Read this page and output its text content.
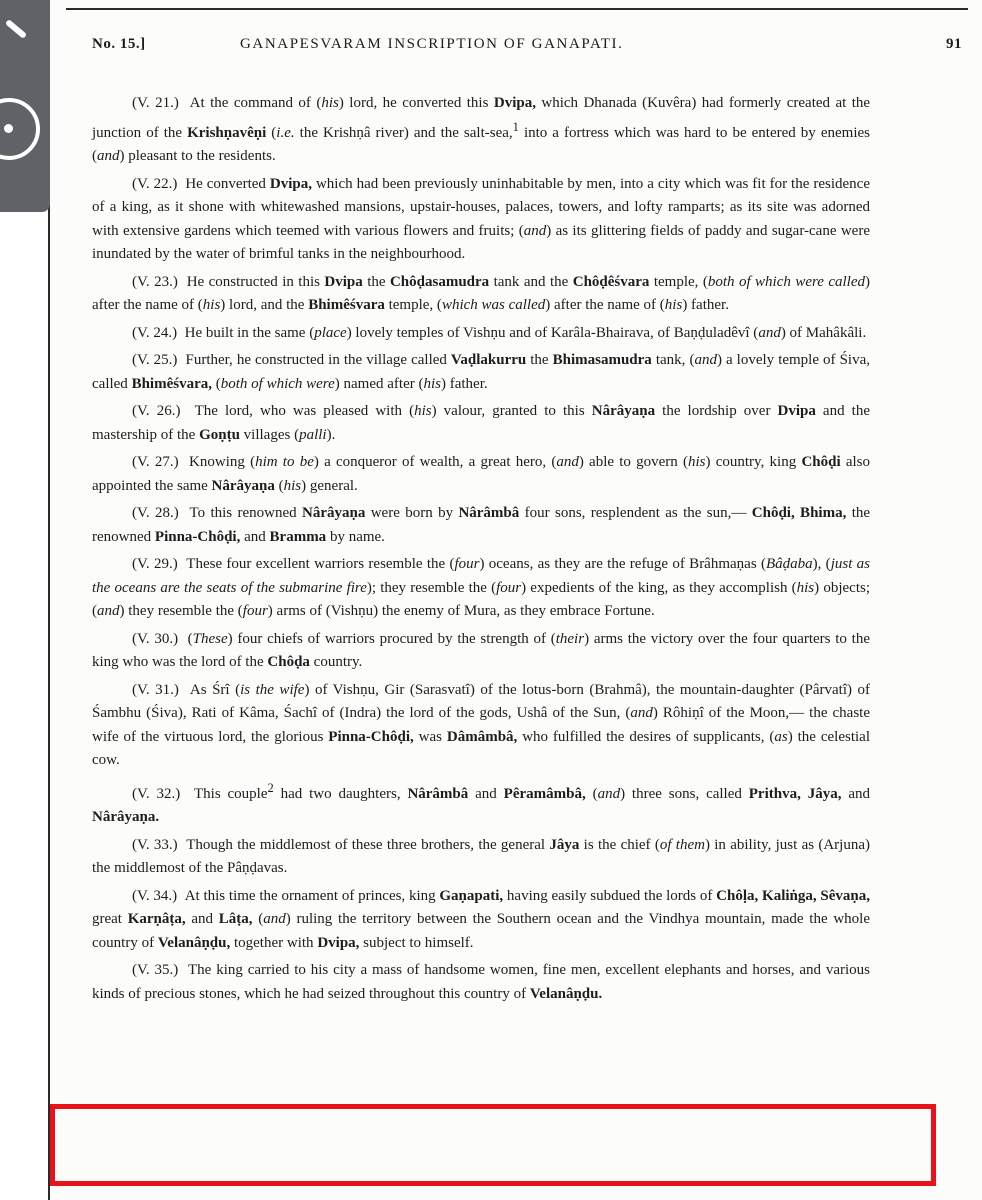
No. 15.]	GANAPESVARAM INSCRIPTION OF GANAPATI.	91

(V. 21.)  At the command of (his) lord, he converted this Dvipa, which Dhanada (Kuvêra) had formerly created at the junction of the Krishṇavêṇi (i.e. the Krishṇâ river) and the salt-sea,$^1$ into a fortress which was hard to be entered by enemies (and) pleasant to the residents.

(V. 22.)  He converted Dvipa, which had been previously uninhabitable by men, into a city which was fit for the residence of a king, as it shone with whitewashed mansions, upstair-houses, palaces, towers, and lofty ramparts; as its site was adorned with extensive gardens which teemed with various flowers and fruits; (and) as its glittering fields of paddy and sugar-cane were inundated by the water of brimful tanks in the neighbourhood.

(V. 23.)  He constructed in this Dvipa the Chôḍasamudra tank and the Chôḍêśvara temple, (both of which were called) after the name of (his) lord, and the Bhimêśvara temple, (which was called) after the name of (his) father.

(V. 24.)  He built in the same (place) lovely temples of Vishṇu and of Karâla-Bhairava, of Baṇḍuladêvî (and) of Mahâkâli.

(V. 25.)  Further, he constructed in the village called Vaḍlakurru the Bhimasamudra tank, (and) a lovely temple of Śiva, called Bhimêśvara, (both of which were) named after (his) father.

(V. 26.)  The lord, who was pleased with (his) valour, granted to this Nârâyaṇa the lordship over Dvipa and the mastership of the Goṇṭu villages (palli).

(V. 27.)  Knowing (him to be) a conqueror of wealth, a great hero, (and) able to govern (his) country, king Chôḍi also appointed the same Nârâyaṇa (his) general.

(V. 28.)  To this renowned Nârâyaṇa were born by Nârâmbâ four sons, resplendent as the sun,— Chôḍi, Bhima, the renowned Pinna-Chôḍi, and Bramma by name.

(V. 29.)  These four excellent warriors resemble the (four) oceans, as they are the refuge of Brâhmaṇas (Bâḍaba), (just as the oceans are the seats of the submarine fire); they resemble the (four) expedients of the king, as they accomplish (his) objects; (and) they resemble the (four) arms of (Vishṇu) the enemy of Mura, as they embrace Fortune.

(V. 30.)  (These) four chiefs of warriors procured by the strength of (their) arms the victory over the four quarters to the king who was the lord of the Chôḍa country.

(V. 31.)  As Śrî (is the wife) of Vishṇu, Gir (Sarasvatî) of the lotus-born (Brahmâ), the mountain-daughter (Pârvatî) of Śambhu (Śiva), Rati of Kâma, Śachî of (Indra) the lord of the gods, Ushâ of the Sun, (and) Rôhiṇî of the Moon,— the chaste wife of the virtuous lord, the glorious Pinna-Chôḍi, was Dâmâmbâ, who fulfilled the desires of supplicants, (as) the celestial cow.

(V. 32.)  This couple$^2$ had two daughters, Nârâmbâ and Pêramâmbâ, (and) three sons, called Prithva, Jâya, and Nârâyaṇa.

(V. 33.)  Though the middlemost of these three brothers, the general Jâya is the chief (of them) in ability, just as (Arjuna) the middlemost of the Pâṇḍavas.

(V. 34.)  At this time the ornament of princes, king Gaṇapati, having easily subdued the lords of Chôḷa, Kaliṅga, Sêvaṇa, great Karṇâṭa, and Lâṭa, (and) ruling the territory between the Southern ocean and the Vindhya mountain, made the whole country of Velanâṇḍu, together with Dvipa, subject to himself.

(V. 35.)  The king carried to his city a mass of handsome women, fine men, excellent elephants and horses, and various kinds of precious stones, which he had seized throughout this country of Velanâṇḍu.
